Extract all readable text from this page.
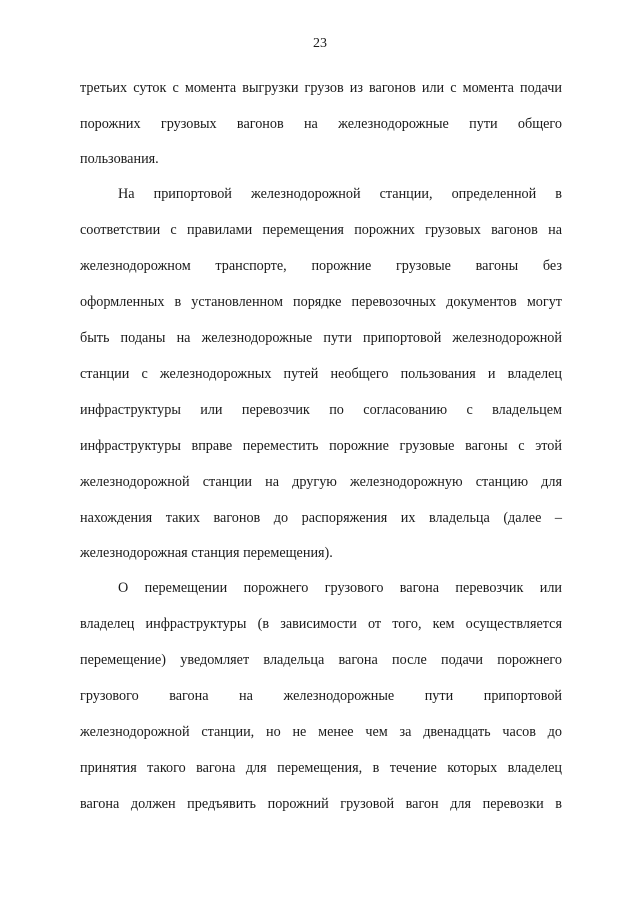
23
третьих суток с момента выгрузки грузов из вагонов или с момента подачи
порожних грузовых вагонов на железнодорожные пути общего
пользования.
На припортовой железнодорожной станции, определенной в
соответствии с правилами перемещения порожних грузовых вагонов на
железнодорожном транспорте, порожние грузовые вагоны без
оформленных в установленном порядке перевозочных документов могут
быть поданы на железнодорожные пути припортовой железнодорожной
станции с железнодорожных путей необщего пользования и владелец
инфраструктуры или перевозчик по согласованию с владельцем
инфраструктуры вправе переместить порожние грузовые вагоны с этой
железнодорожной станции на другую железнодорожную станцию для
нахождения таких вагонов до распоряжения их владельца (далее –
железнодорожная станция перемещения).
О перемещении порожнего грузового вагона перевозчик или
владелец инфраструктуры (в зависимости от того, кем осуществляется
перемещение) уведомляет владельца вагона после подачи порожнего
грузового вагона на железнодорожные пути припортовой
железнодорожной станции, но не менее чем за двенадцать часов до
принятия такого вагона для перемещения, в течение которых владелец
вагона должен предъявить порожний грузовой вагон для перевозки в
